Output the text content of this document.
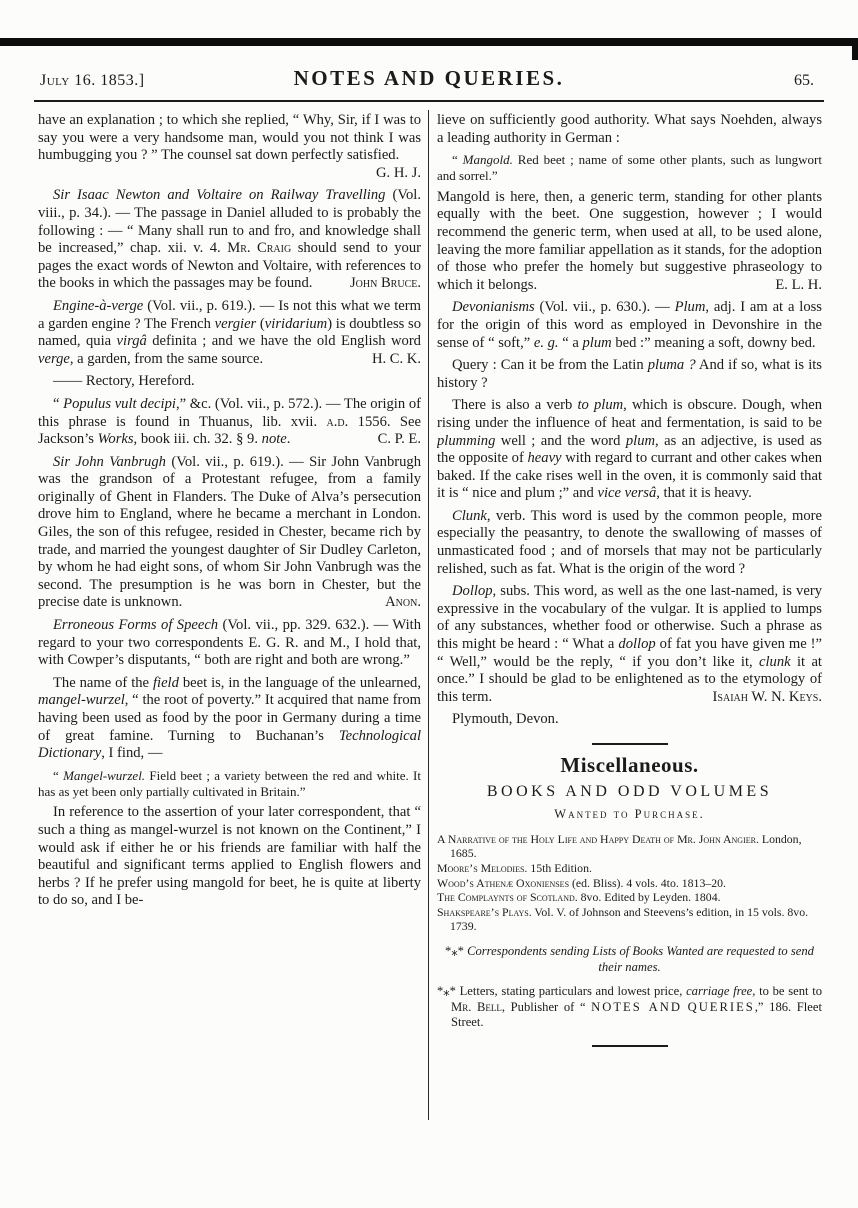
July 16. 1853.]	NOTES AND QUERIES.	65.

have an explanation ; to which she replied, “ Why, Sir, if I was to say you were a very handsome man, would you not think I was humbugging you ? ” The counsel sat down perfectly satisfied.
G. H. J.

Sir Isaac Newton and Voltaire on Railway Travelling (Vol. viii., p. 34.). — The passage in Daniel alluded to is probably the following : — “ Many shall run to and fro, and knowledge shall be increased,” chap. xii. v. 4. Mr. Craig should send to your pages the exact words of Newton and Voltaire, with references to the books in which the passages may be found.	John Bruce.

Engine-à-verge (Vol. vii., p. 619.). — Is not this what we term a garden engine ? The French vergier (viridarium) is doubtless so named, quia virgâ definita ; and we have the old English word verge, a garden, from the same source.	H. C. K.

—— Rectory, Hereford.

“ Populus vult decipi,” &c. (Vol. vii., p. 572.). — The origin of this phrase is found in Thuanus, lib. xvii. a.d. 1556. See Jackson’s Works, book iii. ch. 32. § 9. note.	C. P. E.

Sir John Vanbrugh (Vol. vii., p. 619.). — Sir John Vanbrugh was the grandson of a Protestant refugee, from a family originally of Ghent in Flanders. The Duke of Alva’s persecution drove him to England, where he became a merchant in London. Giles, the son of this refugee, resided in Chester, became rich by trade, and married the youngest daughter of Sir Dudley Carleton, by whom he had eight sons, of whom Sir John Vanbrugh was the second. The presumption is he was born in Chester, but the precise date is unknown.	Anon.

Erroneous Forms of Speech (Vol. vii., pp. 329. 632.). — With regard to your two correspondents E. G. R. and M., I hold that, with Cowper’s disputants, “ both are right and both are wrong.”

The name of the field beet is, in the language of the unlearned, mangel-wurzel, “ the root of poverty.” It acquired that name from having been used as food by the poor in Germany during a time of great famine. Turning to Buchanan’s Technological Dictionary, I find, —

“ Mangel-wurzel. Field beet ; a variety between the red and white. It has as yet been only partially cultivated in Britain.”

In reference to the assertion of your later correspondent, that “ such a thing as mangel-wurzel is not known on the Continent,” I would ask if either he or his friends are familiar with half the beautiful and significant terms applied to English flowers and herbs ? If he prefer using mangold for beet, he is quite at liberty to do so, and I be-

lieve on sufficiently good authority. What says Noehden, always a leading authority in German :

“ Mangold. Red beet ; name of some other plants, such as lungwort and sorrel.”

Mangold is here, then, a generic term, standing for other plants equally with the beet. One suggestion, however ; I would recommend the generic term, when used at all, to be used alone, leaving the more familiar appellation as it stands, for the adoption of those who prefer the homely but suggestive phraseology to which it belongs.	E. L. H.

Devonianisms (Vol. vii., p. 630.). — Plum, adj. I am at a loss for the origin of this word as employed in Devonshire in the sense of “ soft,” e. g. “ a plum bed :” meaning a soft, downy bed.

Query : Can it be from the Latin pluma ? And if so, what is its history ?

There is also a verb to plum, which is obscure. Dough, when rising under the influence of heat and fermentation, is said to be plumming well ; and the word plum, as an adjective, is used as the opposite of heavy with regard to currant and other cakes when baked. If the cake rises well in the oven, it is commonly said that it is “ nice and plum ;” and vice versâ, that it is heavy.

Clunk, verb. This word is used by the common people, more especially the peasantry, to denote the swallowing of masses of unmasticated food ; and of morsels that may not be particularly relished, such as fat. What is the origin of the word ?

Dollop, subs. This word, as well as the one last-named, is very expressive in the vocabulary of the vulgar. It is applied to lumps of any substances, whether food or otherwise. Such a phrase as this might be heard : “ What a dollop of fat you have given me !” “ Well,” would be the reply, “ if you don’t like it, clunk it at once.” I should be glad to be enlightened as to the etymology of this term.	Isaiah W. N. Keys.

Plymouth, Devon.

Miscellaneous.

BOOKS AND ODD VOLUMES

Wanted to Purchase.

A Narrative of the Holy Life and Happy Death of Mr. John Angier. London, 1685.

Moore’s Melodies. 15th Edition.

Wood’s Athenæ Oxonienses (ed. Bliss). 4 vols. 4to. 1813–20.

The Complaynts of Scotland. 8vo. Edited by Leyden. 1804.

Shakspeare’s Plays. Vol. V. of Johnson and Steevens’s edition, in 15 vols. 8vo. 1739.

*⁎* Correspondents sending Lists of Books Wanted are requested to send their names.

*⁎* Letters, stating particulars and lowest price, carriage free, to be sent to Mr. Bell, Publisher of “ NOTES AND QUERIES,” 186. Fleet Street.
